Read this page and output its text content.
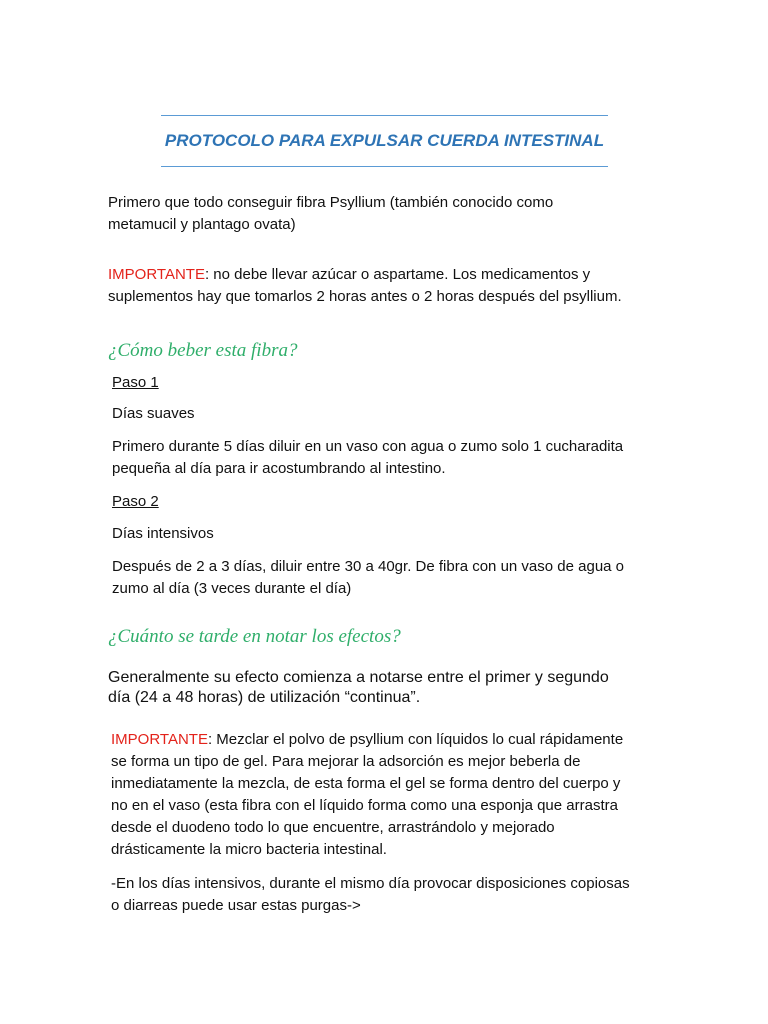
PROTOCOLO PARA EXPULSAR CUERDA INTESTINAL
Primero que todo conseguir fibra Psyllium (también conocido como
metamucil y plantago ovata)
IMPORTANTE: no debe llevar azúcar o aspartame. Los medicamentos y
suplementos hay que tomarlos 2 horas antes o 2 horas después del psyllium.
¿Cómo beber esta fibra?
Paso 1
Días suaves
Primero durante 5 días diluir en un vaso con agua o zumo solo 1 cucharadita
pequeña al día para ir acostumbrando al intestino.
Paso 2
Días intensivos
Después de 2 a 3 días, diluir entre 30 a 40gr. De fibra con un vaso de agua o
zumo al día (3 veces durante el día)
¿Cuánto se tarde en notar los efectos?
Generalmente su efecto comienza a notarse entre el primer y segundo
día (24 a 48 horas) de utilización “continua”.
IMPORTANTE: Mezclar el polvo de psyllium con líquidos lo cual rápidamente
se forma un tipo de gel. Para mejorar la adsorción es mejor beberla de
inmediatamente la mezcla, de esta forma el gel se forma dentro del cuerpo y
no en el vaso (esta fibra con el líquido forma como una esponja que arrastra
desde el duodeno todo lo que encuentre, arrastrándolo y mejorado
drásticamente la micro bacteria intestinal.
-En los días intensivos, durante el mismo día provocar disposiciones copiosas
o diarreas puede usar estas purgas->
